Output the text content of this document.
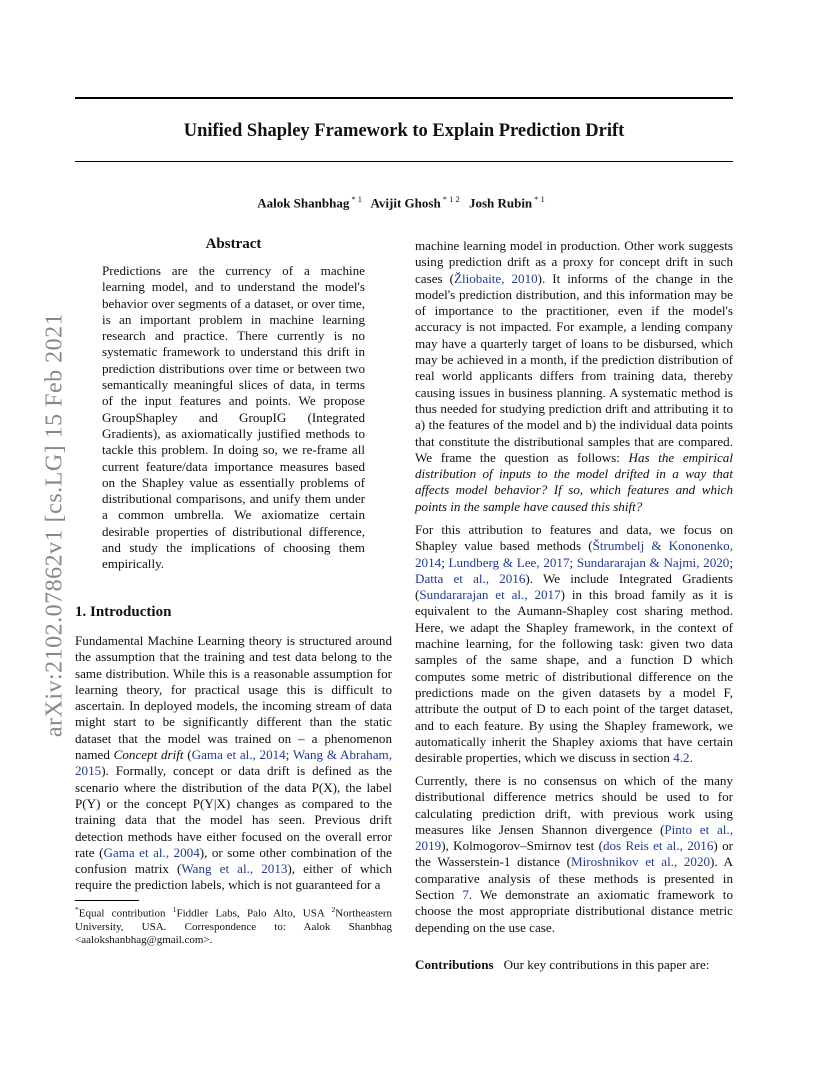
Unified Shapley Framework to Explain Prediction Drift
Aalok Shanbhag $^{* 1}$ Avijit Ghosh $^{* 1 2}$ Josh Rubin $^{* 1}$
arXiv:2102.07862v1 [cs.LG] 15 Feb 2021
Abstract

Predictions are the currency of a machine learning model, and to understand the model's behavior over segments of a dataset, or over time, is an important problem in machine learning research and practice. There currently is no systematic framework to understand this drift in prediction distributions over time or between two semantically meaningful slices of data, in terms of the input features and points. We propose GroupShapley and GroupIG (Integrated Gradients), as axiomatically justified methods to tackle this problem. In doing so, we re-frame all current feature/data importance measures based on the Shapley value as essentially problems of distributional comparisons, and unify them under a common umbrella. We axiomatize certain desirable properties of distributional difference, and study the implications of choosing them empirically.

1. Introduction

Fundamental Machine Learning theory is structured around the assumption that the training and test data belong to the same distribution. While this is a reasonable assumption for learning theory, for practical usage this is difficult to ascertain. In deployed models, the incoming stream of data might start to be significantly different than the static dataset that the model was trained on – a phenomenon named Concept drift (Gama et al., 2014; Wang & Abraham, 2015). Formally, concept or data drift is defined as the scenario where the distribution of the data P(X), the label P(Y) or the concept P(Y|X) changes as compared to the training data that the model has seen. Previous drift detection methods have either focused on the overall error rate (Gama et al., 2004), or some other combination of the confusion matrix (Wang et al., 2013), either of which require the prediction labels, which is not guaranteed for a

*Equal contribution $^1$Fiddler Labs, Palo Alto, USA $^2$Northeastern University, USA. Correspondence to: Aalok Shanbhag <aalokshanbhag@gmail.com>.

machine learning model in production. Other work suggests using prediction drift as a proxy for concept drift in such cases (Žliobaite, 2010). It informs of the change in the model's prediction distribution, and this information may be of importance to the practitioner, even if the model's accuracy is not impacted. For example, a lending company may have a quarterly target of loans to be disbursed, which may be achieved in a month, if the prediction distribution of real world applicants differs from training data, thereby causing issues in business planning. A systematic method is thus needed for studying prediction drift and attributing it to a) the features of the model and b) the individual data points that constitute the distributional samples that are compared. We frame the question as follows: Has the empirical distribution of inputs to the model drifted in a way that affects model behavior? If so, which features and which points in the sample have caused this shift?

For this attribution to features and data, we focus on Shapley value based methods (Štrumbelj & Kononenko, 2014; Lundberg & Lee, 2017; Sundararajan & Najmi, 2020; Datta et al., 2016). We include Integrated Gradients (Sundararajan et al., 2017) in this broad family as it is equivalent to the Aumann-Shapley cost sharing method. Here, we adapt the Shapley framework, in the context of machine learning, for the following task: given two data samples of the same shape, and a function D which computes some metric of distributional difference on the predictions made on the given datasets by a model F, attribute the output of D to each point of the target dataset, and to each feature. By using the Shapley framework, we automatically inherit the Shapley axioms that have certain desirable properties, which we discuss in section 4.2.

Currently, there is no consensus on which of the many distributional difference metrics should be used to for calculating prediction drift, with previous work using measures like Jensen Shannon divergence (Pinto et al., 2019), Kolmogorov–Smirnov test (dos Reis et al., 2016) or the Wasserstein-1 distance (Miroshnikov et al., 2020). A comparative analysis of these methods is presented in Section 7. We demonstrate an axiomatic framework to choose the most appropriate distributional distance metric depending on the use case.

Contributions Our key contributions in this paper are:
